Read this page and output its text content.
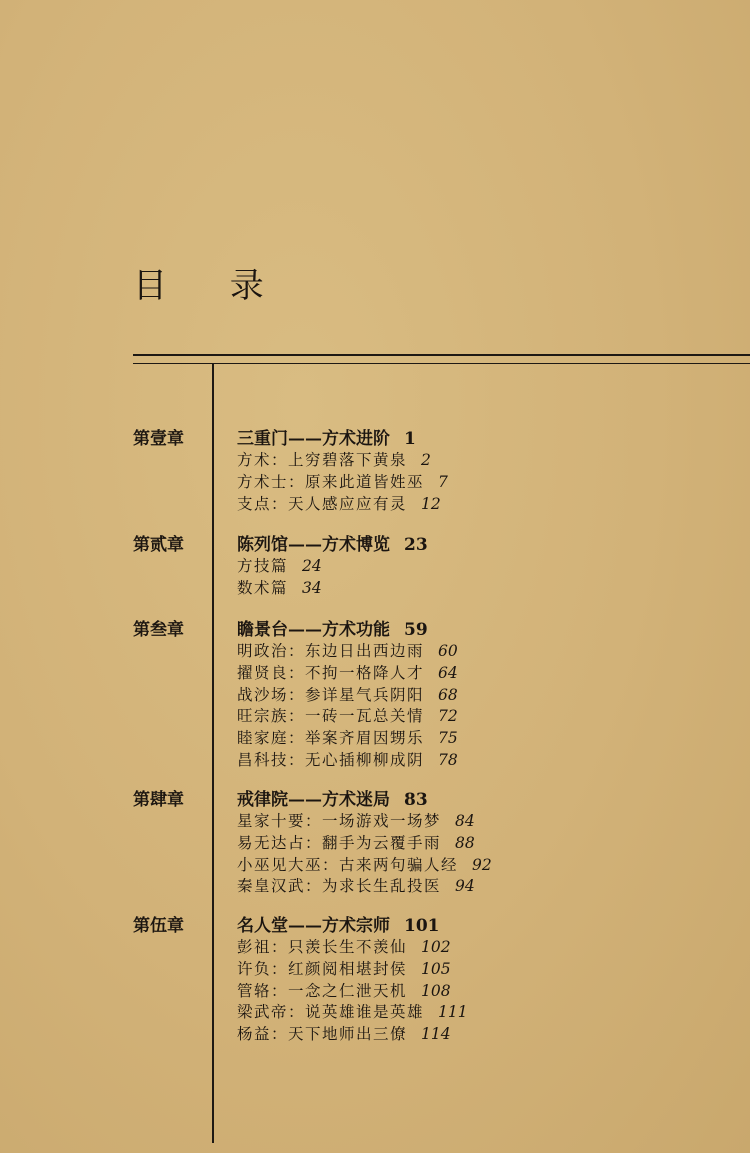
目 录
第壹章	三重门——方术进阶 1
方术：上穷碧落下黄泉 2
方术士：原来此道皆姓巫 7
支点：天人感应应有灵 12
第贰章	陈列馆——方术博览 23
方技篇 24
数术篇 34
第叁章	瞻景台——方术功能 59
明政治：东边日出西边雨 60
擢贤良：不拘一格降人才 64
战沙场：参详星气兵阴阳 68
旺宗族：一砖一瓦总关情 72
睦家庭：举案齐眉因甥乐 75
昌科技：无心插柳柳成阴 78
第肆章	戒律院——方术迷局 83
星家十要：一场游戏一场梦 84
易无达占：翻手为云覆手雨 88
小巫见大巫：古来两句骗人经 92
秦皇汉武：为求长生乱投医 94
第伍章	名人堂——方术宗师 101
彭祖：只羡长生不羡仙 102
许负：红颜阅相堪封侯 105
管辂：一念之仁泄天机 108
梁武帝：说英雄谁是英雄 111
杨益：天下地师出三僚 114
